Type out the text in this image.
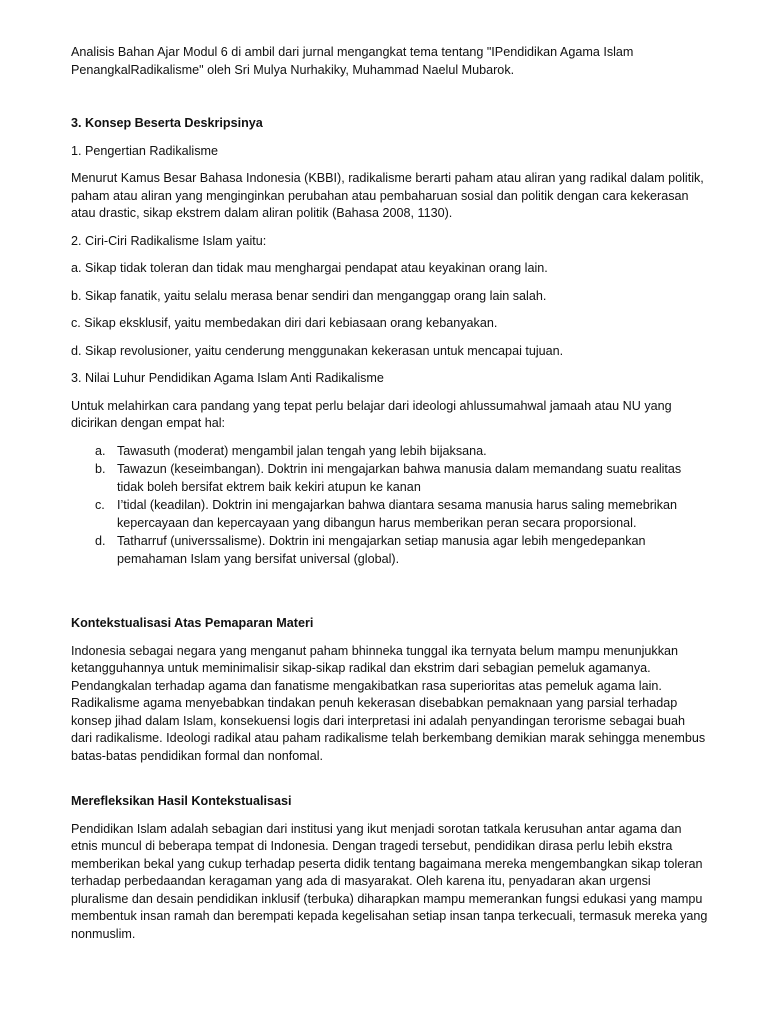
Analisis Bahan Ajar Modul 6 di ambil dari jurnal mengangkat tema tentang "IPendidikan Agama Islam PenangkalRadikalisme" oleh Sri Mulya Nurhakiky, Muhammad Naelul Mubarok.

3. Konsep Beserta Deskripsinya

1. Pengertian Radikalisme

Menurut Kamus Besar Bahasa Indonesia (KBBI), radikalisme berarti paham atau aliran yang radikal dalam politik, paham atau aliran yang menginginkan perubahan atau pembaharuan sosial dan politik dengan cara kekerasan atau drastic, sikap ekstrem dalam aliran politik (Bahasa 2008, 1130).

2. Ciri-Ciri Radikalisme Islam yaitu:

a. Sikap tidak toleran dan tidak mau menghargai pendapat atau keyakinan orang lain.

b. Sikap fanatik, yaitu selalu merasa benar sendiri dan menganggap orang lain salah.

c. Sikap eksklusif, yaitu membedakan diri dari kebiasaan orang kebanyakan.

d. Sikap revolusioner, yaitu cenderung menggunakan kekerasan untuk mencapai tujuan.

3. Nilai Luhur Pendidikan Agama Islam Anti Radikalisme

Untuk melahirkan cara pandang yang tepat perlu belajar dari ideologi ahlussumahwal jamaah atau NU yang dicirikan dengan empat hal:

a. Tawasuth (moderat) mengambil jalan tengah yang lebih bijaksana.
b. Tawazun (keseimbangan). Doktrin ini mengajarkan bahwa manusia dalam memandang suatu realitas tidak boleh bersifat ektrem baik kekiri atupun ke kanan
c. I’tidal (keadilan). Doktrin ini mengajarkan bahwa diantara sesama manusia harus saling memebrikan kepercayaan dan kepercayaan yang dibangun harus memberikan peran secara proporsional.
d. Tatharruf (universsalisme). Doktrin ini mengajarkan setiap manusia agar lebih mengedepankan pemahaman Islam yang bersifat universal (global).

Kontekstualisasi Atas Pemaparan Materi

Indonesia sebagai negara yang menganut paham bhinneka tunggal ika ternyata belum mampu menunjukkan ketangguhannya untuk meminimalisir sikap-sikap radikal dan ekstrim dari sebagian pemeluk agamanya. Pendangkalan terhadap agama dan fanatisme mengakibatkan rasa superioritas atas pemeluk agama lain. Radikalisme agama menyebabkan tindakan penuh kekerasan disebabkan pemaknaan yang parsial terhadap konsep jihad dalam Islam, konsekuensi logis dari interpretasi ini adalah penyandingan terorisme sebagai buah dari radikalisme. Ideologi radikal atau paham radikalisme telah berkembang demikian marak sehingga menembus batas-batas pendidikan formal dan nonfomal.

Merefleksikan Hasil Kontekstualisasi

Pendidikan Islam adalah sebagian dari institusi yang ikut menjadi sorotan tatkala kerusuhan antar agama dan etnis muncul di beberapa tempat di Indonesia. Dengan tragedi tersebut, pendidikan dirasa perlu lebih ekstra memberikan bekal yang cukup terhadap peserta didik tentang bagaimana mereka mengembangkan sikap toleran terhadap perbedaandan keragaman yang ada di masyarakat. Oleh karena itu, penyadaran akan urgensi pluralisme dan desain pendidikan inklusif (terbuka) diharapkan mampu memerankan fungsi edukasi yang mampu membentuk insan ramah dan berempati kepada kegelisahan setiap insan tanpa terkecuali, termasuk mereka yang nonmuslim.
